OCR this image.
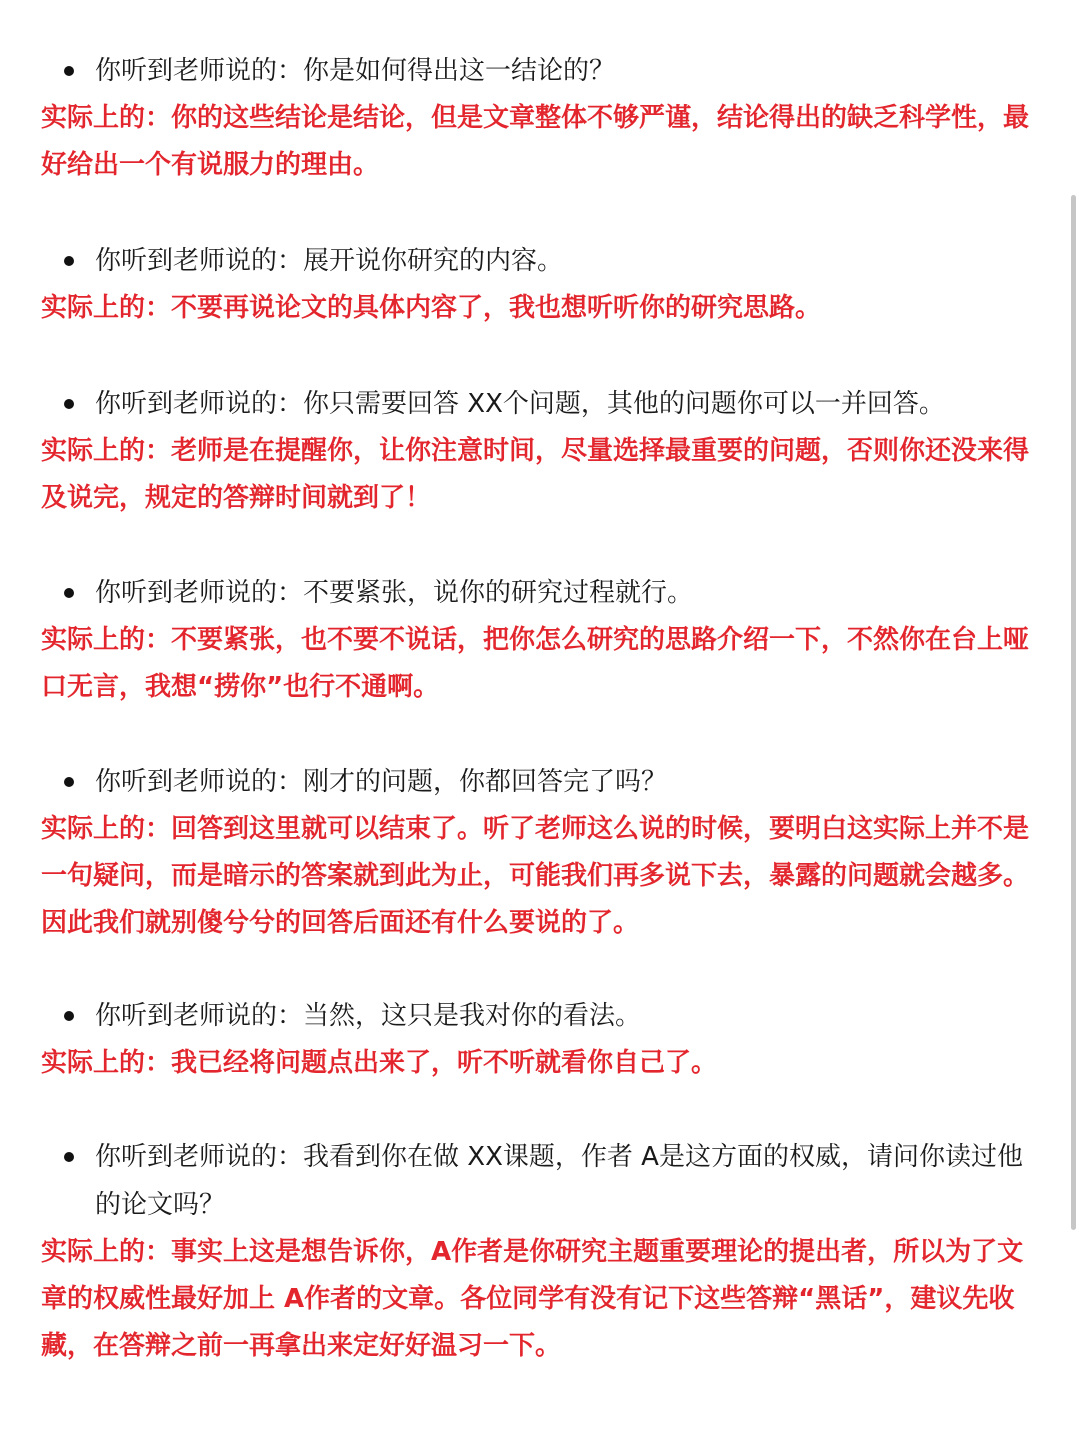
你听到老师说的：你是如何得出这一结论的？
实际上的：你的这些结论是结论，但是文章整体不够严谨，结论得出的缺乏科学性，最好给出一个有说服力的理由。
你听到老师说的：展开说你研究的内容。
实际上的：不要再说论文的具体内容了，我也想听听你的研究思路。
你听到老师说的：你只需要回答 XX个问题，其他的问题你可以一并回答。
实际上的：老师是在提醒你，让你注意时间，尽量选择最重要的问题，否则你还没来得及说完，规定的答辩时间就到了！
你听到老师说的：不要紧张，说你的研究过程就行。
实际上的：不要紧张，也不要不说话，把你怎么研究的思路介绍一下，不然你在台上哑口无言，我想“捞你”也行不通啊。
你听到老师说的：刚才的问题，你都回答完了吗？
实际上的：回答到这里就可以结束了。听了老师这么说的时候，要明白这实际上并不是一句疑问，而是暗示的答案就到此为止，可能我们再多说下去，暴露的问题就会越多。因此我们就别傻兮兮的回答后面还有什么要说的了。
你听到老师说的：当然，这只是我对你的看法。
实际上的：我已经将问题点出来了，听不听就看你自己了。
你听到老师说的：我看到你在做 XX课题，作者 A是这方面的权威，请问你读过他的论文吗？
实际上的：事实上这是想告诉你，A作者是你研究主题重要理论的提出者，所以为了文章的权威性最好加上 A作者的文章。各位同学有没有记下这些答辩“黑话”，建议先收藏，在答辩之前一再拿出来定好好温习一下。
